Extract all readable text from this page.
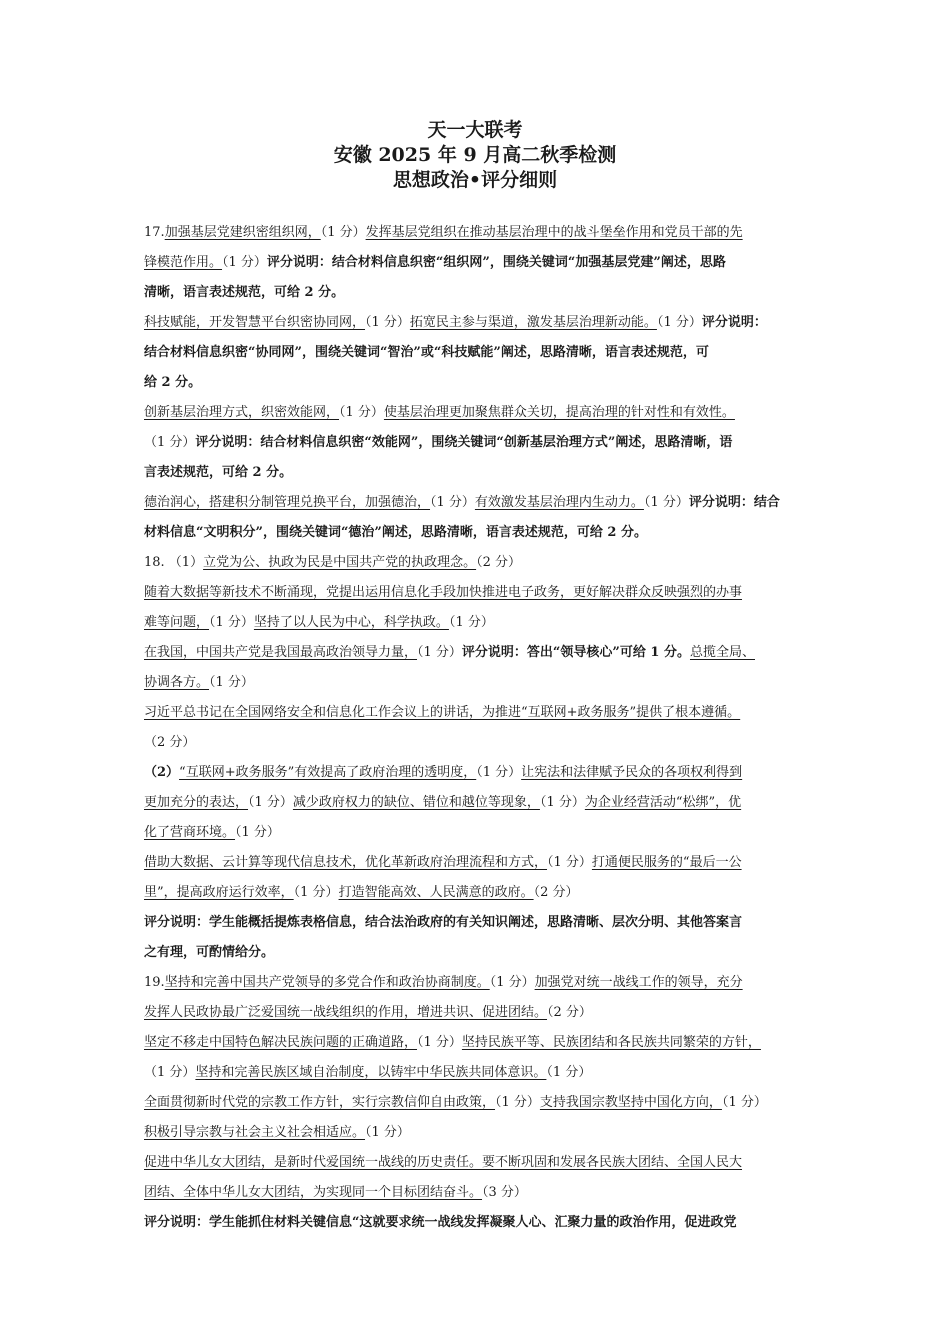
天一大联考
安徽 2025 年 9 月高二秋季检测
思想政治•评分细则
17.加强基层党建织密组织网，（1 分）发挥基层党组织在推动基层治理中的战斗堡垒作用和党员干部的先
锋模范作用。（1 分）评分说明：结合材料信息织密“组织网”，围绕关键词“加强基层党建”阐述，思路
清晰，语言表述规范，可给 2 分。
科技赋能，开发智慧平台织密协同网，（1 分）拓宽民主参与渠道，激发基层治理新动能。（1 分）评分说明：
结合材料信息织密“协同网”，围绕关键词“智治”或“科技赋能”阐述，思路清晰，语言表述规范，可
给 2 分。
创新基层治理方式，织密效能网，（1 分）使基层治理更加聚焦群众关切，提高治理的针对性和有效性。
（1 分）评分说明：结合材料信息织密“效能网”，围绕关键词“创新基层治理方式”阐述，思路清晰，语
言表述规范，可给 2 分。
德治润心，搭建积分制管理兑换平台，加强德治，（1 分）有效激发基层治理内生动力。（1 分）评分说明：结合
材料信息“文明积分”，围绕关键词“德治”阐述，思路清晰，语言表述规范，可给 2 分。
18. （1）立党为公、执政为民是中国共产党的执政理念。（2 分）
随着大数据等新技术不断涌现，党提出运用信息化手段加快推进电子政务，更好解决群众反映强烈的办事
难等问题，（1 分）坚持了以人民为中心，科学执政。（1 分）
在我国，中国共产党是我国最高政治领导力量，（1 分）评分说明：答出“领导核心”可给 1 分。总揽全局、
协调各方。（1 分）
习近平总书记在全国网络安全和信息化工作会议上的讲话，为推进“互联网+政务服务”提供了根本遵循。
（2 分）
（2）“互联网+政务服务”有效提高了政府治理的透明度，（1 分）让宪法和法律赋予民众的各项权利得到
更加充分的表达，（1 分）减少政府权力的缺位、错位和越位等现象，（1 分）为企业经营活动“松绑”，优
化了营商环境。（1 分）
借助大数据、云计算等现代信息技术，优化革新政府治理流程和方式，（1 分）打通便民服务的“最后一公
里”，提高政府运行效率，（1 分）打造智能高效、人民满意的政府。（2 分）
评分说明：学生能概括提炼表格信息，结合法治政府的有关知识阐述，思路清晰、层次分明、其他答案言
之有理，可酌情给分。
19.坚持和完善中国共产党领导的多党合作和政治协商制度。（1 分）加强党对统一战线工作的领导，充分
发挥人民政协最广泛爱国统一战线组织的作用，增进共识、促进团结。（2 分）
坚定不移走中国特色解决民族问题的正确道路，（1 分）坚持民族平等、民族团结和各民族共同繁荣的方针，
（1 分）坚持和完善民族区域自治制度，以铸牢中华民族共同体意识。（1 分）
全面贯彻新时代党的宗教工作方针，实行宗教信仰自由政策，（1 分）支持我国宗教坚持中国化方向，（1 分）
积极引导宗教与社会主义社会相适应。（1 分）
促进中华儿女大团结，是新时代爱国统一战线的历史责任。要不断巩固和发展各民族大团结、全国人民大
团结、全体中华儿女大团结，为实现同一个目标团结奋斗。（3 分）
评分说明：学生能抓住材料关键信息“这就要求统一战线发挥凝聚人心、汇聚力量的政治作用，促进政党
